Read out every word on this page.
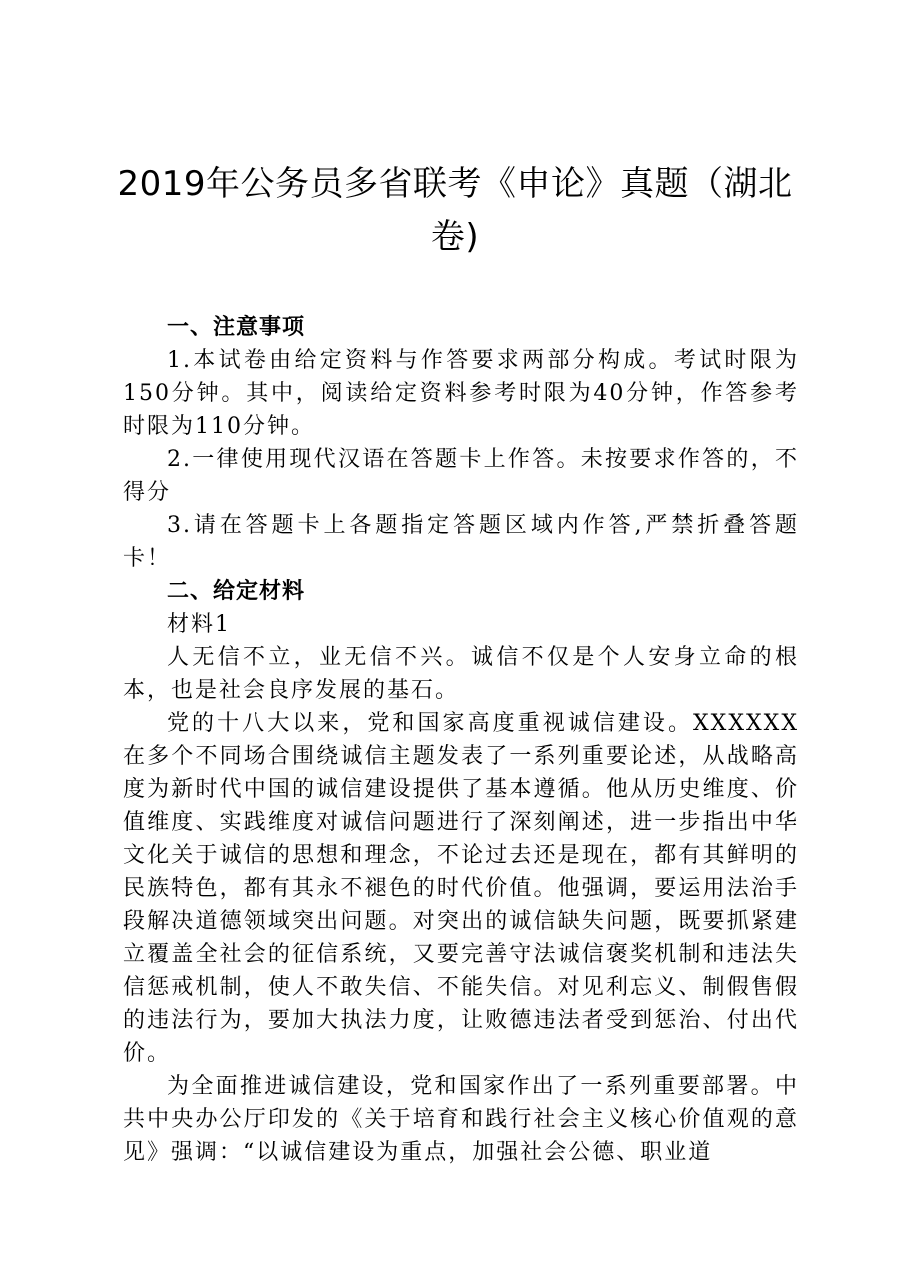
2019年公务员多省联考《申论》真题（湖北卷)

一、注意事项

1.本试卷由给定资料与作答要求两部分构成。考试时限为150分钟。其中，阅读给定资料参考时限为40分钟，作答参考时限为110分钟。

2.一律使用现代汉语在答题卡上作答。未按要求作答的，不得分

3.请在答题卡上各题指定答题区域内作答,严禁折叠答题卡！

二、给定材料

材料1

人无信不立，业无信不兴。诚信不仅是个人安身立命的根本，也是社会良序发展的基石。

党的十八大以来，党和国家高度重视诚信建设。XXXXXX在多个不同场合围绕诚信主题发表了一系列重要论述，从战略高度为新时代中国的诚信建设提供了基本遵循。他从历史维度、价值维度、实践维度对诚信问题进行了深刻阐述，进一步指出中华文化关于诚信的思想和理念，不论过去还是现在，都有其鲜明的民族特色，都有其永不褪色的时代价值。他强调，要运用法治手段解决道德领域突出问题。对突出的诚信缺失问题，既要抓紧建立覆盖全社会的征信系统，又要完善守法诚信褒奖机制和违法失信惩戒机制，使人不敢失信、不能失信。对见利忘义、制假售假的违法行为，要加大执法力度，让败德违法者受到惩治、付出代价。

为全面推进诚信建设，党和国家作出了一系列重要部署。中共中央办公厅印发的《关于培育和践行社会主义核心价值观的意见》强调：“以诚信建设为重点，加强社会公德、职业道
